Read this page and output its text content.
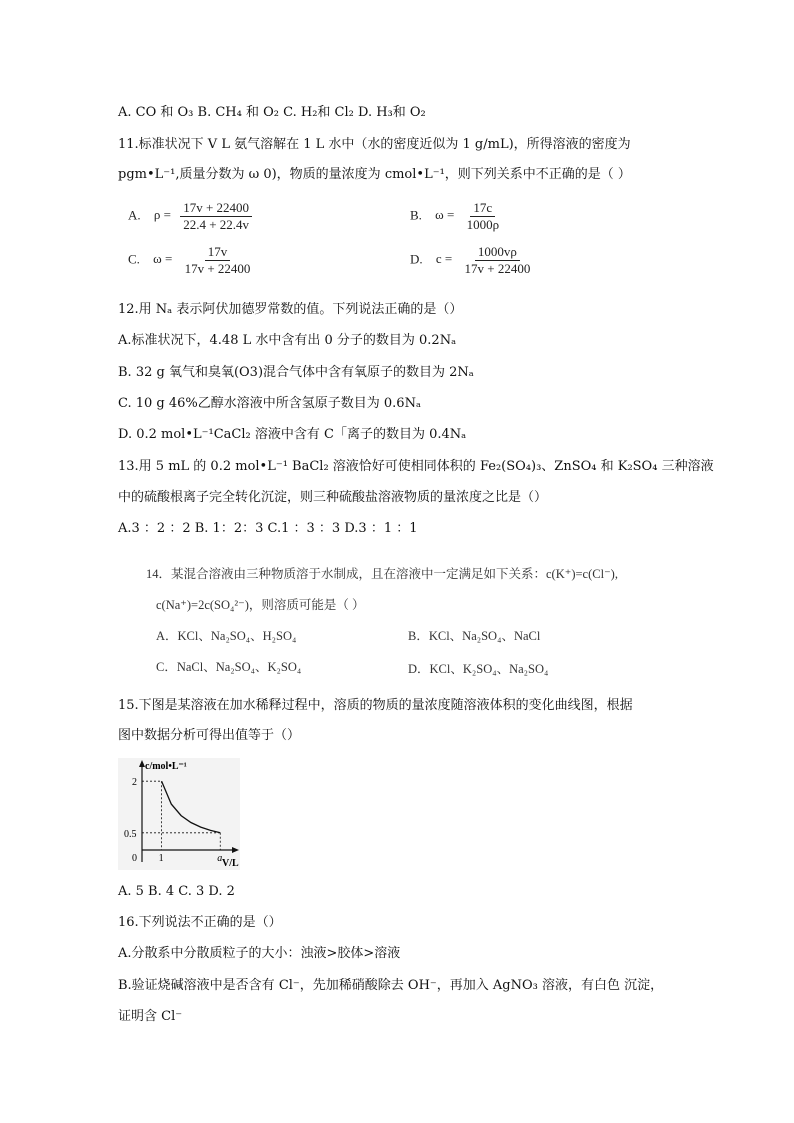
A. CO 和 O₃ B. CH₄ 和 O₂ C. H₂和 Cl₂ D. H₃和 O₂
11.标准状况下 V L 氨气溶解在 1 L 水中（水的密度近似为 1 g/mL)，所得溶液的密度为
pgm•L⁻¹,质量分数为 ω 0)，物质的量浓度为 cmol•L⁻¹，则下列关系中不正确的是（ ）
A. $\rho = \frac{17v + 22400}{22.4 + 22.4v}$	B. $\omega = \frac{17c}{1000\rho}$
C. $\omega = \frac{17v}{17v + 22400}$	D. $c = \frac{1000v\rho}{17v + 22400}$
12.用 Nₐ 表示阿伏加德罗常数的值。下列说法正确的是（）
A.标准状况下，4.48 L 水中含有出 0 分子的数目为 0.2Nₐ
B. 32 g 氧气和臭氧(O3)混合气体中含有氧原子的数目为 2Nₐ
C. 10 g 46%乙醇水溶液中所含氢原子数目为 0.6Nₐ
D. 0.2 mol•L⁻¹CaCl₂ 溶液中含有 C「离子的数目为 0.4Nₐ
13.用 5 mL 的 0.2 mol•L⁻¹ BaCl₂ 溶液恰好可使相同体积的 Fe₂(SO₄)₃、ZnSO₄ 和 K₂SO₄ 三种溶液
中的硫酸根离子完全转化沉淀，则三种硫酸盐溶液物质的量浓度之比是（）
A.3 ：2 ：2 B. 1：2：3 C.1 ：3 ：3 D.3 ：1 ：1
14．某混合溶液由三种物质溶于水制成，且在溶液中一定满足如下关系：c(K⁺)=c(Cl⁻),
c(Na⁺)=2c(SO₄²⁻)，则溶质可能是（ ）
A．KCl、Na₂SO₄、H₂SO₄	B．KCl、Na₂SO₄、NaCl
C．NaCl、Na₂SO₄、K₂SO₄	D．KCl、K₂SO₄、Na₂SO₄
15.下图是某溶液在加水稀释过程中，溶质的物质的量浓度随溶液体积的变化曲线图，根据
图中数据分析可得出值等于（）
c/mol•L⁻¹
V/L
0 1	a
2
0.5
A. 5 B. 4 C. 3 D. 2
16.下列说法不正确的是（）
A.分散系中分散质粒子的大小：浊液>胶体>溶液
B.验证烧碱溶液中是否含有 Cl⁻，先加稀硝酸除去 OH⁻，再加入 AgNO₃ 溶液，有白色 沉淀，
证明含 Cl⁻
